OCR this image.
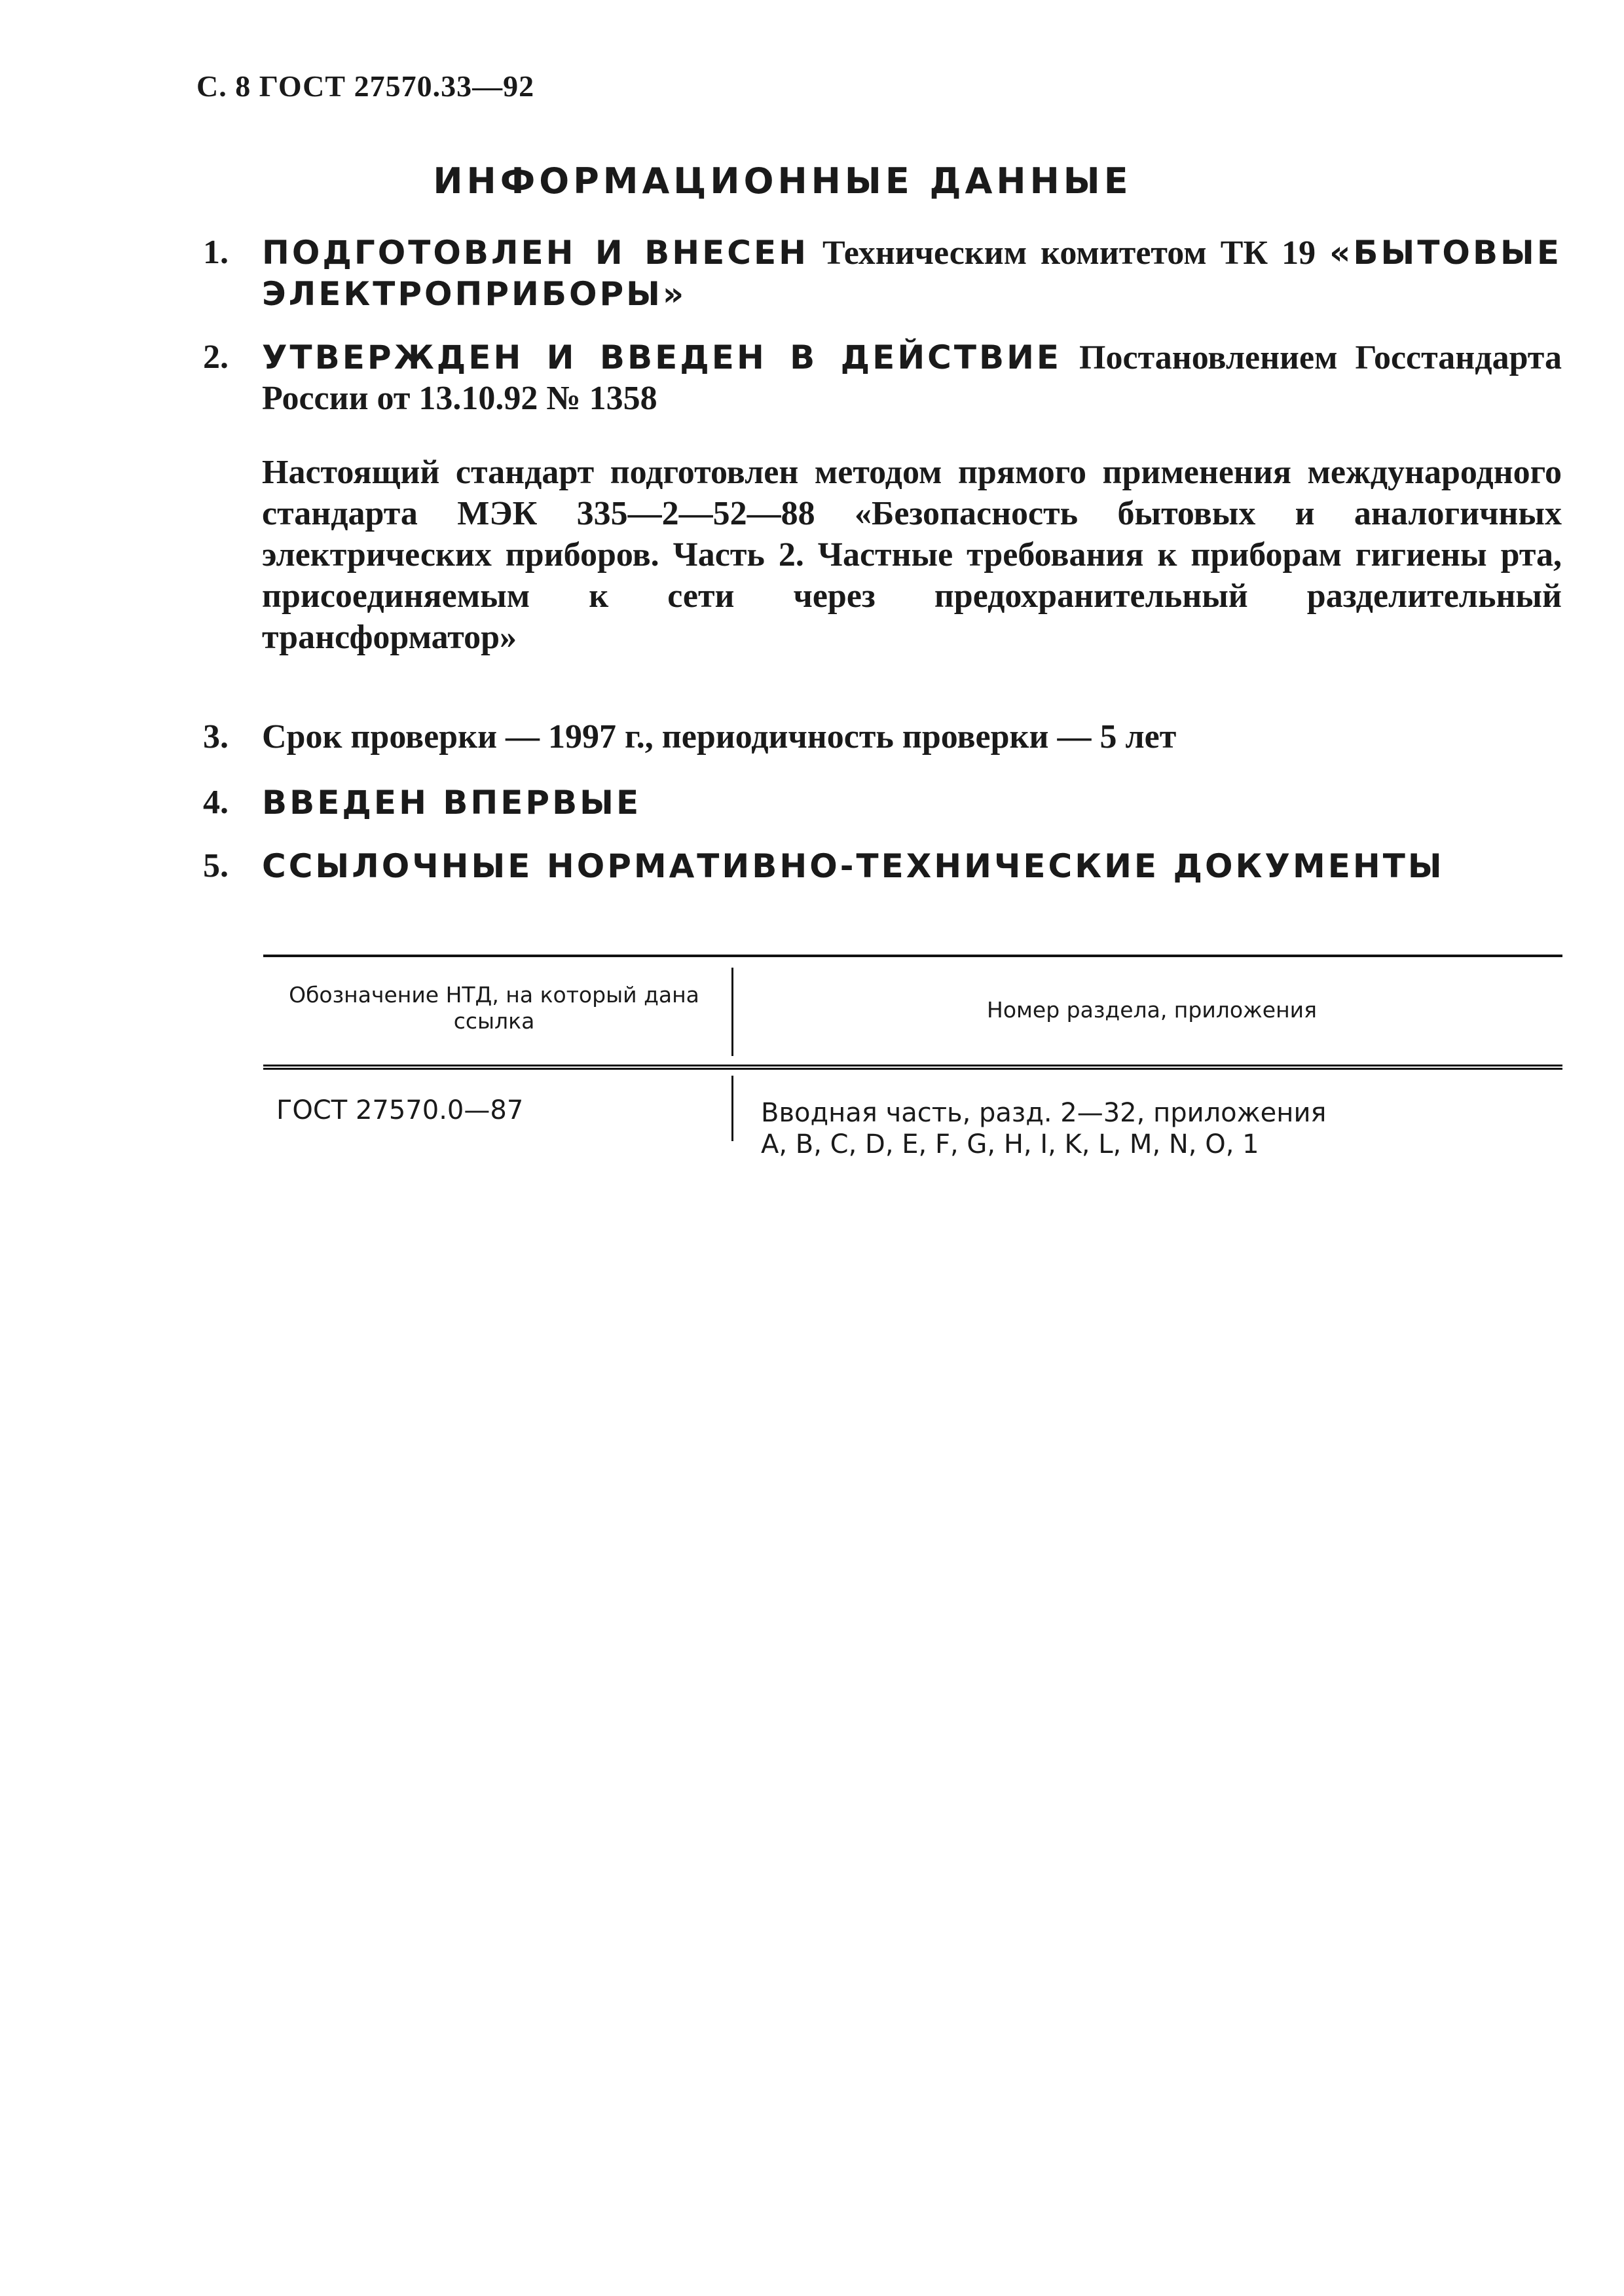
С. 8 ГОСТ 27570.33—92
ИНФОРМАЦИОННЫЕ ДАННЫЕ
1. ПОДГОТОВЛЕН И ВНЕСЕН Техническим комитетом ТК 19 «БЫТОВЫЕ ЭЛЕКТРОПРИБОРЫ»
2. УТВЕРЖДЕН И ВВЕДЕН В ДЕЙСТВИЕ Постановлением Госстандарта России от 13.10.92 № 1358
Настоящий стандарт подготовлен методом прямого применения международного стандарта МЭК 335—2—52—88 «Безопасность бытовых и аналогичных электрических приборов. Часть 2. Частные требования к приборам гигиены рта, присоединяемым к сети через предохранительный разделительный трансформатор»
3. Срок проверки — 1997 г., периодичность проверки — 5 лет
4. ВВЕДЕН ВПЕРВЫЕ
5. ССЫЛОЧНЫЕ НОРМАТИВНО-ТЕХНИЧЕСКИЕ ДОКУМЕНТЫ
Обозначение НТД, на который дана ссылка	Номер раздела, приложения
ГОСТ 27570.0—87	Вводная часть, разд. 2—32, приложения
A, B, C, D, E, F, G, H, I, K, L, M, N, O, 1
